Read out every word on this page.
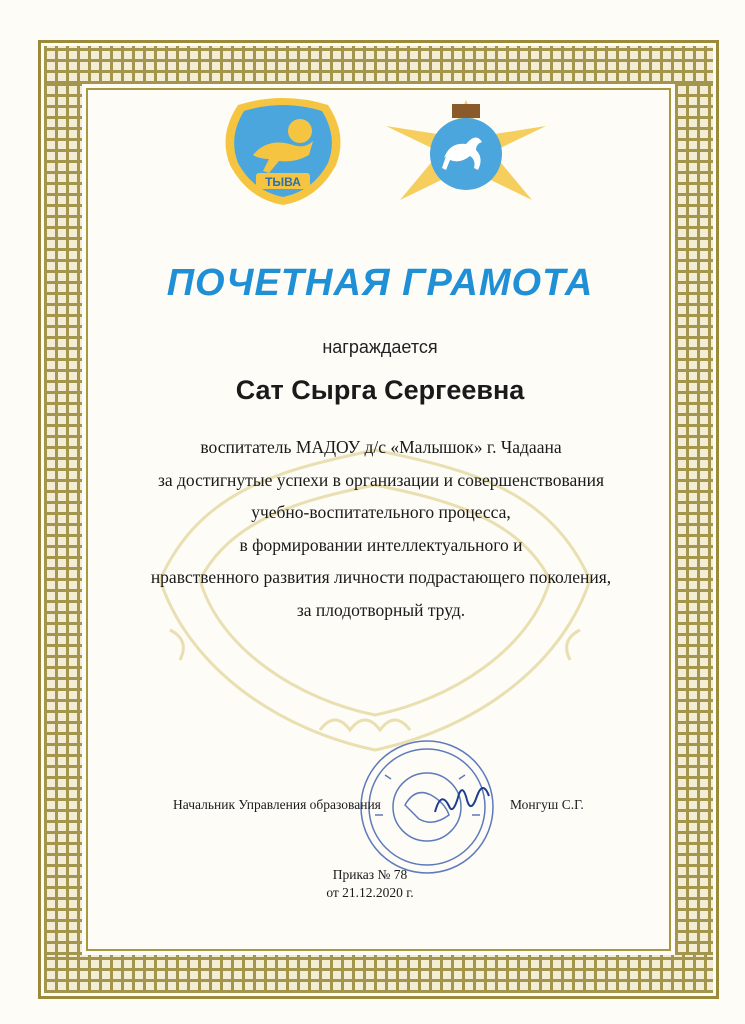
ТЫВА
ПОЧЕТНАЯ ГРАМОТА
награждается
Сат Сырга Сергеевна
воспитатель МАДОУ д/с «Малышок» г. Чадаана
за достигнутые успехи в организации и совершенствования
учебно-воспитательного процесса,
в формировании интеллектуального и
нравственного развития личности подрастающего поколения,
за плодотворный труд.
Начальник Управления образования	Монгуш С.Г.
Приказ № 78
от 21.12.2020 г.
